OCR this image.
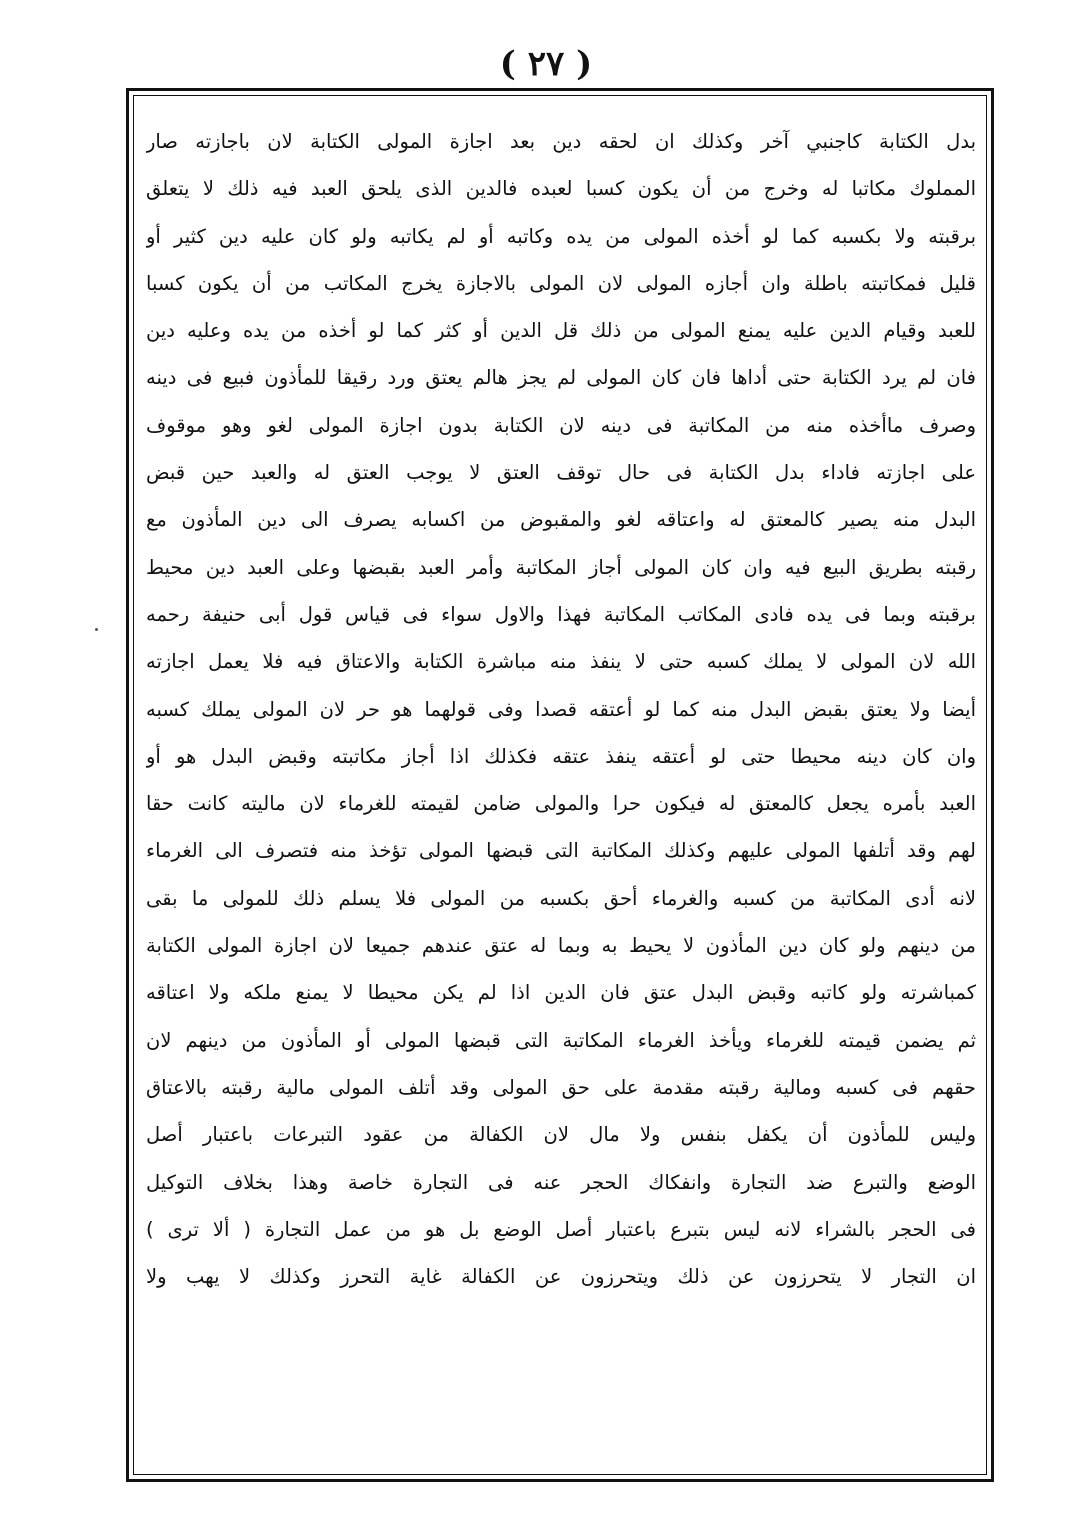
( ٢٧ )
بدل الكتابة كاجنبي آخر وكذلك ان لحقه دين بعد اجازة المولى الكتابة لان باجازته صار
المملوك مكاتبا له وخرج من أن يكون كسبا لعبده فالدين الذى يلحق العبد فيه ذلك لا يتعلق
برقبته ولا بكسبه كما لو أخذه المولى من يده وكاتبه أو لم يكاتبه ولو كان عليه دين كثير أو
قليل فمكاتبته باطلة وان أجازه المولى لان المولى بالاجازة يخرج المكاتب من أن يكون كسبا
للعبد وقيام الدين عليه يمنع المولى من ذلك قل الدين أو كثر كما لو أخذه من يده وعليه دين
فان لم يرد الكتابة حتى أداها فان كان المولى لم يجز هالم يعتق ورد رقيقا للمأذون فبيع فى دينه
وصرف ماأخذه منه من المكاتبة فى دينه لان الكتابة بدون اجازة المولى لغو وهو موقوف
على اجازته فاداء بدل الكتابة فى حال توقف العتق لا يوجب العتق له والعبد حين قبض
البدل منه يصير كالمعتق له واعتاقه لغو والمقبوض من اكسابه يصرف الى دين المأذون مع
رقبته بطريق البيع فيه وان كان المولى أجاز المكاتبة وأمر العبد بقبضها وعلى العبد دين محيط
برقبته وبما فى يده فادى المكاتب المكاتبة فهذا والاول سواء فى قياس قول أبى حنيفة رحمه
الله لان المولى لا يملك كسبه حتى لا ينفذ منه مباشرة الكتابة والاعتاق فيه فلا يعمل اجازته
أيضا ولا يعتق بقبض البدل منه كما لو أعتقه قصدا وفى قولهما هو حر لان المولى يملك كسبه
وان كان دينه محيطا حتى لو أعتقه ينفذ عتقه فكذلك اذا أجاز مكاتبته وقبض البدل هو أو
العبد بأمره يجعل كالمعتق له فيكون حرا والمولى ضامن لقيمته للغرماء لان ماليته كانت حقا
لهم وقد أتلفها المولى عليهم وكذلك المكاتبة التى قبضها المولى تؤخذ منه فتصرف الى الغرماء
لانه أدى المكاتبة من كسبه والغرماء أحق بكسبه من المولى فلا يسلم ذلك للمولى ما بقى
من دينهم ولو كان دين المأذون لا يحيط به وبما له عتق عندهم جميعا لان اجازة المولى الكتابة
كمباشرته ولو كاتبه وقبض البدل عتق فان الدين اذا لم يكن محيطا لا يمنع ملكه ولا اعتاقه
ثم يضمن قيمته للغرماء ويأخذ الغرماء المكاتبة التى قبضها المولى أو المأذون من دينهم لان
حقهم فى كسبه ومالية رقبته مقدمة على حق المولى وقد أتلف المولى مالية رقبته بالاعتاق
وليس للمأذون أن يكفل بنفس ولا مال لان الكفالة من عقود التبرعات باعتبار أصل
الوضع والتبرع ضد التجارة وانفكاك الحجر عنه فى التجارة خاصة وهذا بخلاف التوكيل
فى الحجر بالشراء لانه ليس بتبرع باعتبار أصل الوضع بل هو من عمل التجارة ( ألا ترى )
ان التجار لا يتحرزون عن ذلك ويتحرزون عن الكفالة غاية التحرز وكذلك لا يهب ولا
